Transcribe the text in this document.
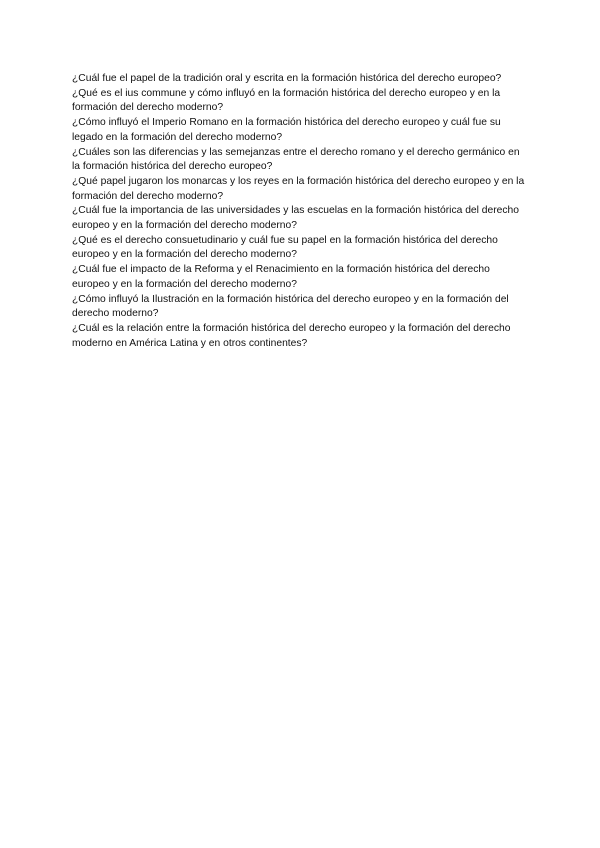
¿Cuál fue el papel de la tradición oral y escrita en la formación histórica del derecho europeo?
¿Qué es el ius commune y cómo influyó en la formación histórica del derecho europeo y en la formación del derecho moderno?
¿Cómo influyó el Imperio Romano en la formación histórica del derecho europeo y cuál fue su legado en la formación del derecho moderno?
¿Cuáles son las diferencias y las semejanzas entre el derecho romano y el derecho germánico en la formación histórica del derecho europeo?
¿Qué papel jugaron los monarcas y los reyes en la formación histórica del derecho europeo y en la formación del derecho moderno?
¿Cuál fue la importancia de las universidades y las escuelas en la formación histórica del derecho europeo y en la formación del derecho moderno?
¿Qué es el derecho consuetudinario y cuál fue su papel en la formación histórica del derecho europeo y en la formación del derecho moderno?
¿Cuál fue el impacto de la Reforma y el Renacimiento en la formación histórica del derecho europeo y en la formación del derecho moderno?
¿Cómo influyó la Ilustración en la formación histórica del derecho europeo y en la formación del derecho moderno?
¿Cuál es la relación entre la formación histórica del derecho europeo y la formación del derecho moderno en América Latina y en otros continentes?
